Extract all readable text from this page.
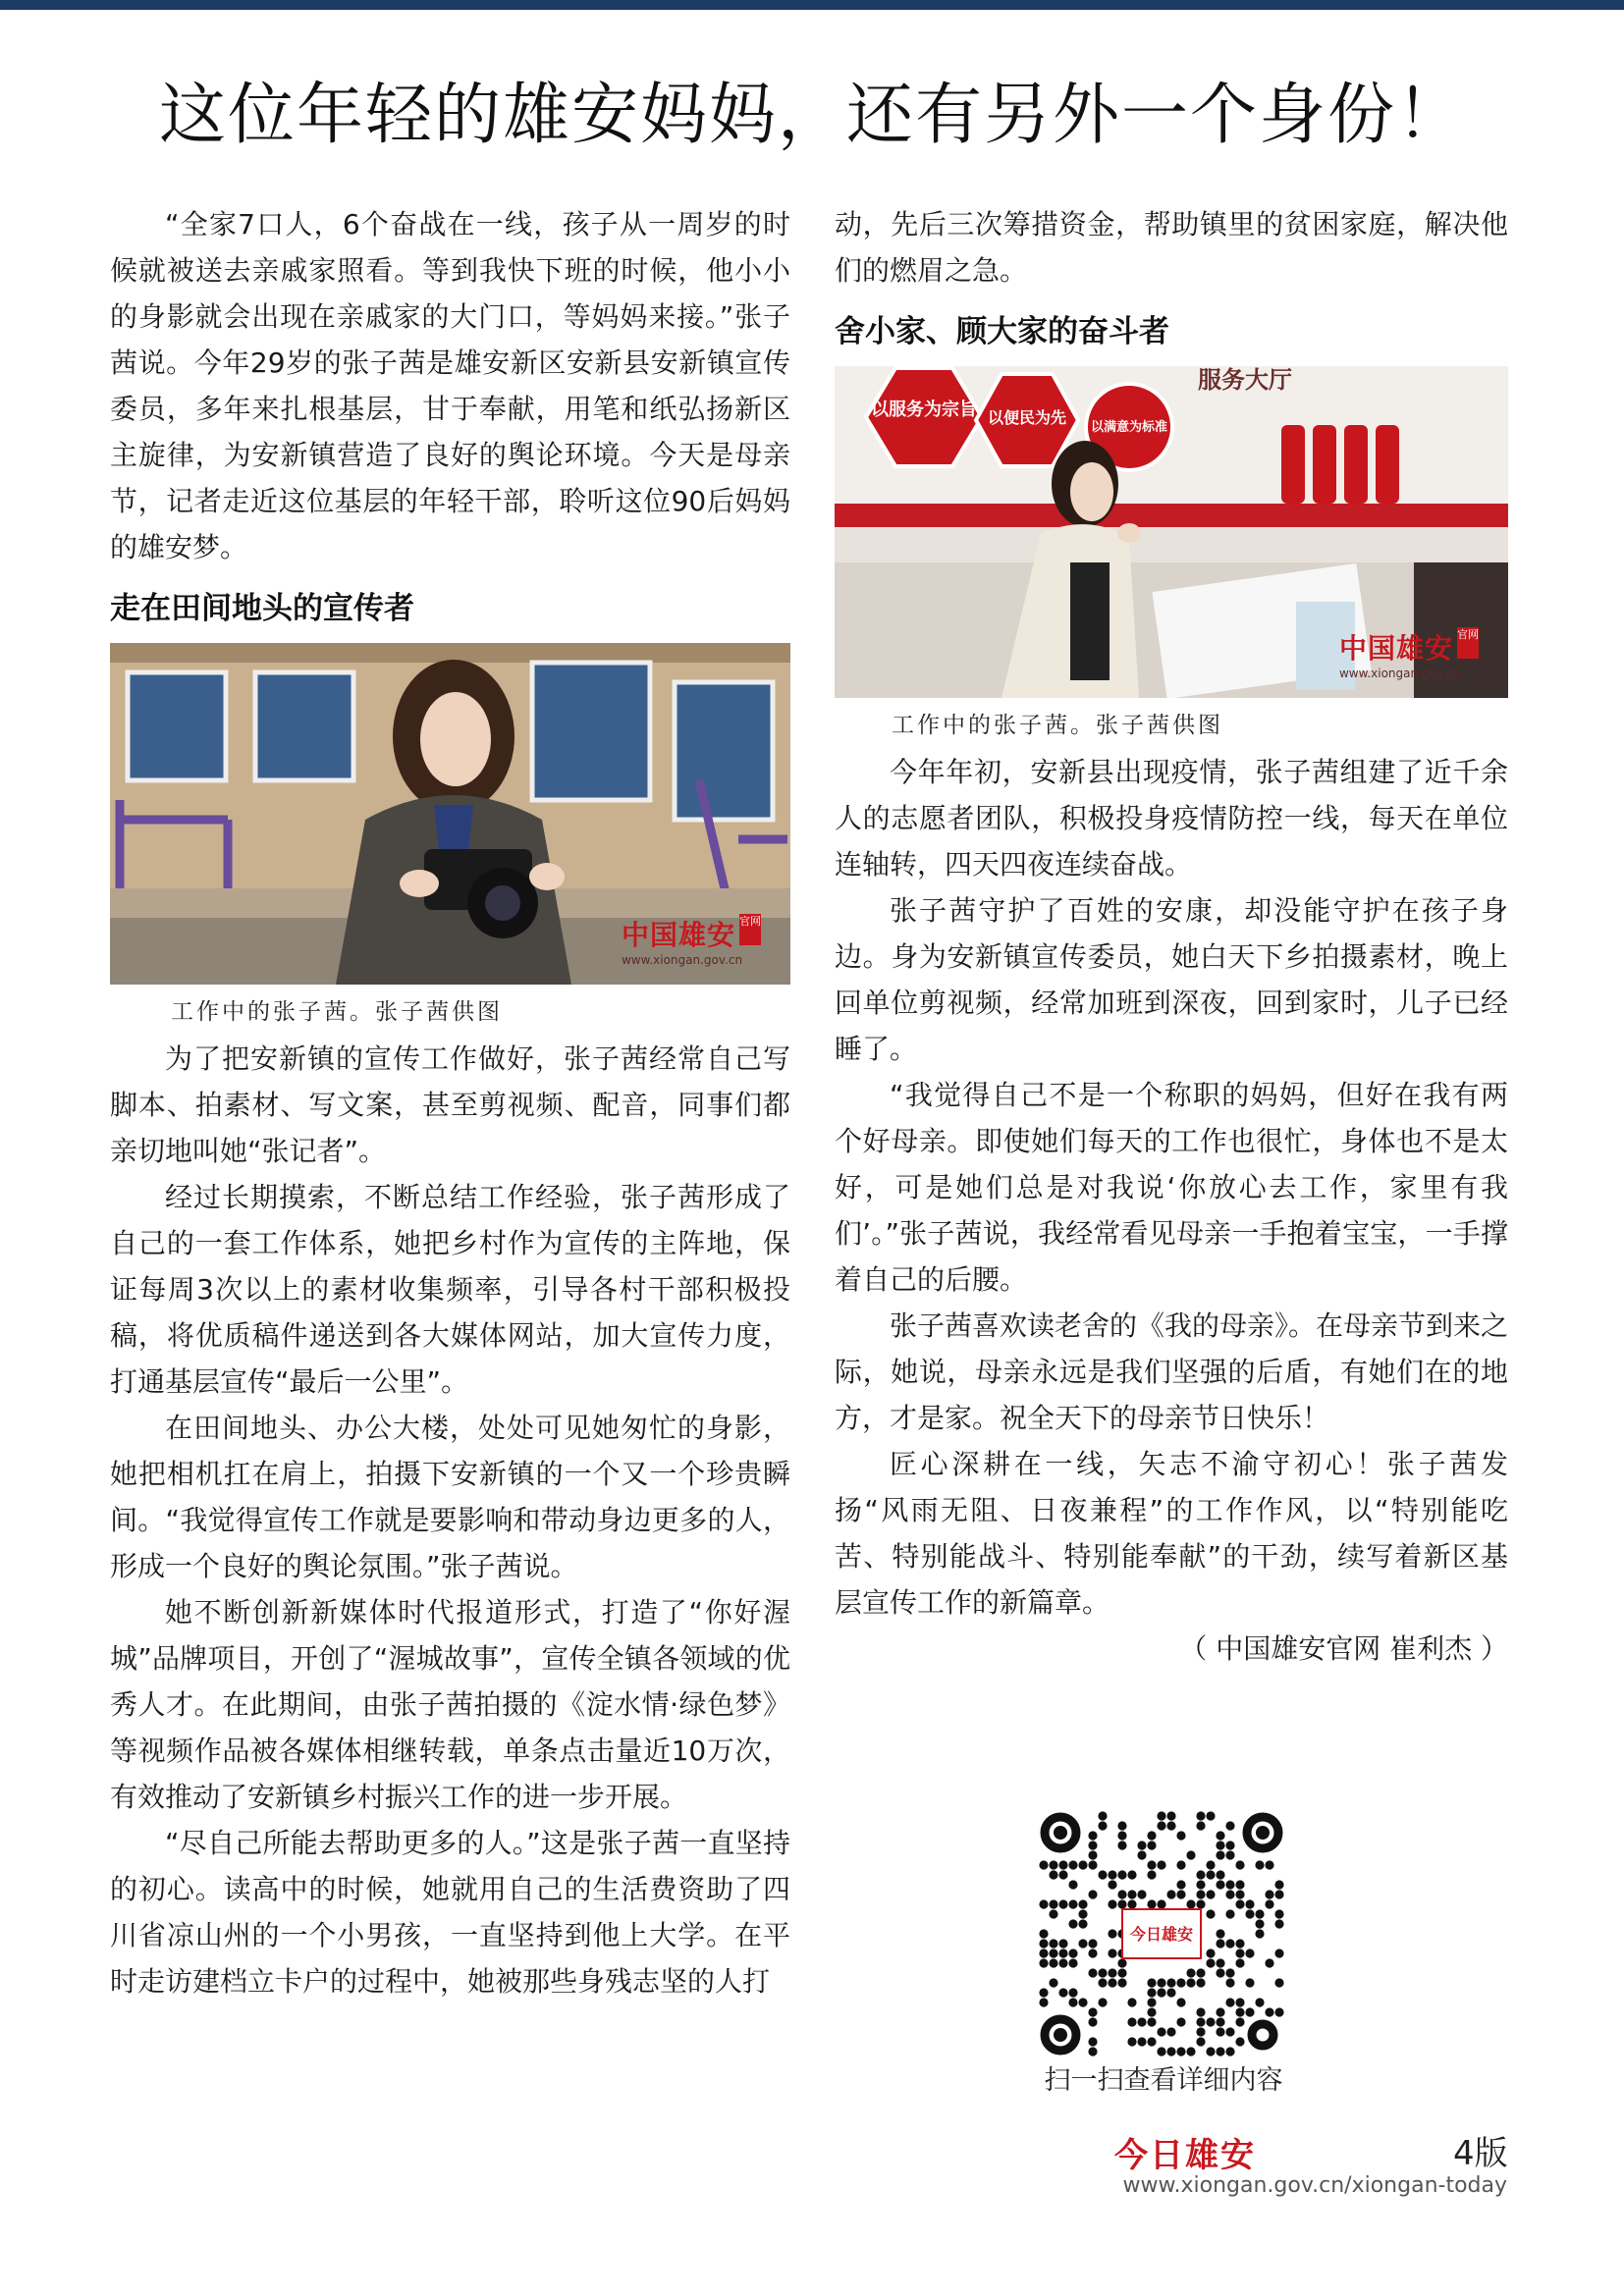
这位年轻的雄安妈妈，还有另外一个身份！

“全家7口人，6个奋战在一线，孩子从一周岁的时候就被送去亲戚家照看。等到我快下班的时候，他小小的身影就会出现在亲戚家的大门口，等妈妈来接。”张子茜说。今年29岁的张子茜是雄安新区安新县安新镇宣传委员，多年来扎根基层，甘于奉献，用笔和纸弘扬新区主旋律，为安新镇营造了良好的舆论环境。今天是母亲节，记者走近这位基层的年轻干部，聆听这位90后妈妈的雄安梦。

走在田间地头的宣传者

中国雄安 官网
www.xiongan.gov.cn

工作中的张子茜。张子茜供图

为了把安新镇的宣传工作做好，张子茜经常自己写脚本、拍素材、写文案，甚至剪视频、配音，同事们都亲切地叫她“张记者”。

经过长期摸索，不断总结工作经验，张子茜形成了自己的一套工作体系，她把乡村作为宣传的主阵地，保证每周3次以上的素材收集频率，引导各村干部积极投稿，将优质稿件递送到各大媒体网站，加大宣传力度，打通基层宣传“最后一公里”。

在田间地头、办公大楼，处处可见她匆忙的身影，她把相机扛在肩上，拍摄下安新镇的一个又一个珍贵瞬间。“我觉得宣传工作就是要影响和带动身边更多的人，形成一个良好的舆论氛围。”张子茜说。

她不断创新新媒体时代报道形式，打造了“你好渥城”品牌项目，开创了“渥城故事”，宣传全镇各领域的优秀人才。在此期间，由张子茜拍摄的《淀水情·绿色梦》等视频作品被各媒体相继转载，单条点击量近10万次，有效推动了安新镇乡村振兴工作的进一步开展。

“尽自己所能去帮助更多的人。”这是张子茜一直坚持的初心。读高中的时候，她就用自己的生活费资助了四川省凉山州的一个小男孩，一直坚持到他上大学。在平时走访建档立卡户的过程中，她被那些身残志坚的人打

动，先后三次筹措资金，帮助镇里的贫困家庭，解决他们的燃眉之急。

舍小家、顾大家的奋斗者

以服务为宗旨 以便民为先
以满意为标准
服务大厅
中国雄安 官网
www.xiongan.gov.cn

工作中的张子茜。张子茜供图

今年年初，安新县出现疫情，张子茜组建了近千余人的志愿者团队，积极投身疫情防控一线，每天在单位连轴转，四天四夜连续奋战。

张子茜守护了百姓的安康，却没能守护在孩子身边。身为安新镇宣传委员，她白天下乡拍摄素材，晚上回单位剪视频，经常加班到深夜，回到家时，儿子已经睡了。

“我觉得自己不是一个称职的妈妈，但好在我有两个好母亲。即使她们每天的工作也很忙，身体也不是太好，可是她们总是对我说‘你放心去工作，家里有我们’。”张子茜说，我经常看见母亲一手抱着宝宝，一手撑着自己的后腰。

张子茜喜欢读老舍的《我的母亲》。在母亲节到来之际，她说，母亲永远是我们坚强的后盾，有她们在的地方，才是家。祝全天下的母亲节日快乐！

匠心深耕在一线，矢志不渝守初心！张子茜发扬“风雨无阻、日夜兼程”的工作作风，以“特别能吃苦、特别能战斗、特别能奉献”的干劲，续写着新区基层宣传工作的新篇章。

（ 中国雄安官网 崔利杰 ）

今日雄安

扫一扫查看详细内容

今日雄安	4版

www.xiongan.gov.cn/xiongan-today
